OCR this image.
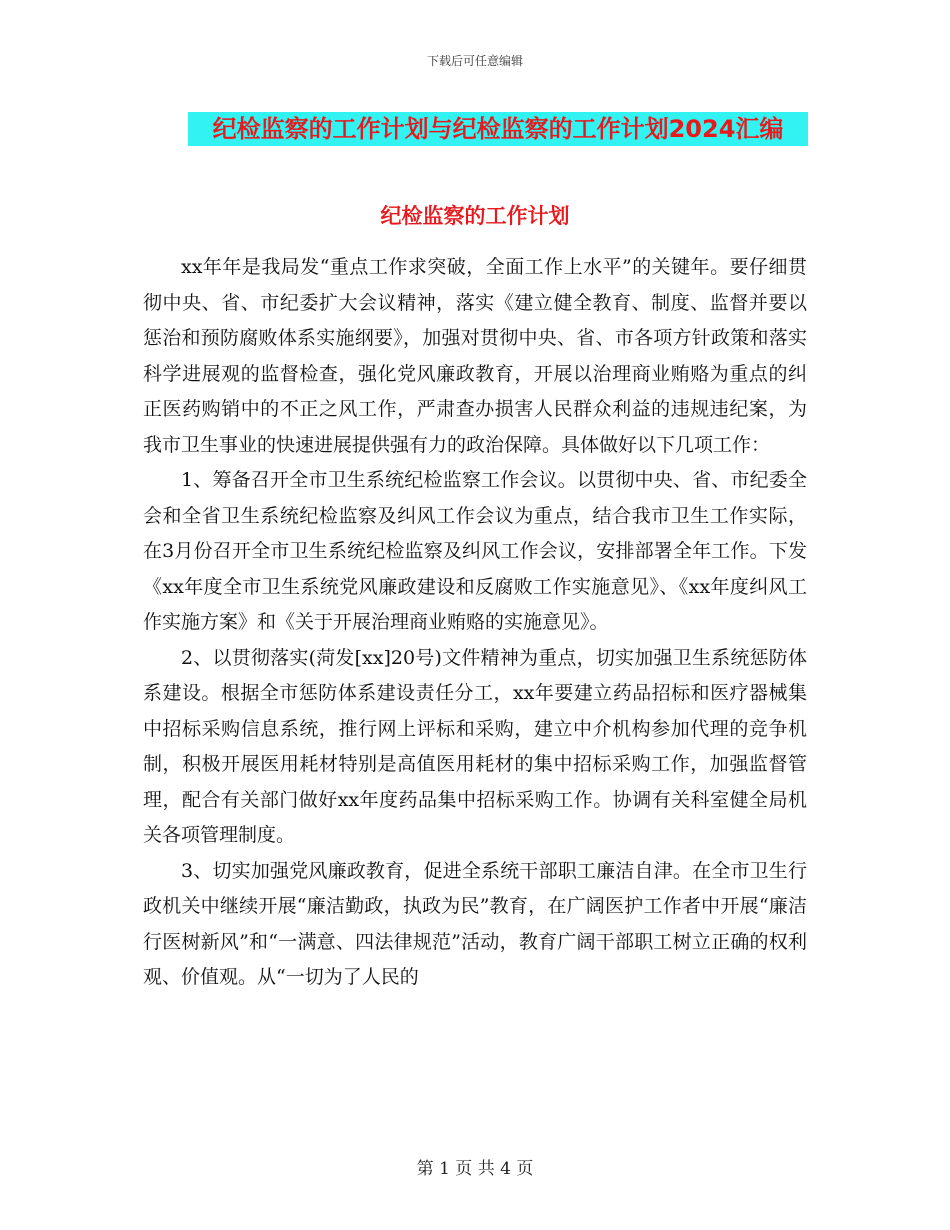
下载后可任意编辑
纪检监察的工作计划与纪检监察的工作计划2024汇编
纪检监察的工作计划

xx年年是我局发“重点工作求突破，全面工作上水平”的关键年。要仔细贯彻中央、省、市纪委扩大会议精神，落实《建立健全教育、制度、监督并要以惩治和预防腐败体系实施纲要》，加强对贯彻中央、省、市各项方针政策和落实科学进展观的监督检查，强化党风廉政教育，开展以治理商业贿赂为重点的纠正医药购销中的不正之风工作，严肃查办损害人民群众利益的违规违纪案，为我市卫生事业的快速进展提供强有力的政治保障。具体做好以下几项工作：

1、筹备召开全市卫生系统纪检监察工作会议。以贯彻中央、省、市纪委全会和全省卫生系统纪检监察及纠风工作会议为重点，结合我市卫生工作实际，在3月份召开全市卫生系统纪检监察及纠风工作会议，安排部署全年工作。下发《xx年度全市卫生系统党风廉政建设和反腐败工作实施意见》、《xx年度纠风工作实施方案》和《关于开展治理商业贿赂的实施意见》。

2、以贯彻落实(菏发[xx]20号)文件精神为重点，切实加强卫生系统惩防体系建设。根据全市惩防体系建设责任分工，xx年要建立药品招标和医疗器械集中招标采购信息系统，推行网上评标和采购，建立中介机构参加代理的竞争机制，积极开展医用耗材特别是高值医用耗材的集中招标采购工作，加强监督管理，配合有关部门做好xx年度药品集中招标采购工作。协调有关科室健全局机关各项管理制度。

3、切实加强党风廉政教育，促进全系统干部职工廉洁自津。在全市卫生行政机关中继续开展“廉洁勤政，执政为民”教育，在广阔医护工作者中开展“廉洁行医树新风”和“一满意、四法律规范”活动，教育广阔干部职工树立正确的权利观、价值观。从“一切为了人民的

第 1 页 共 4 页
